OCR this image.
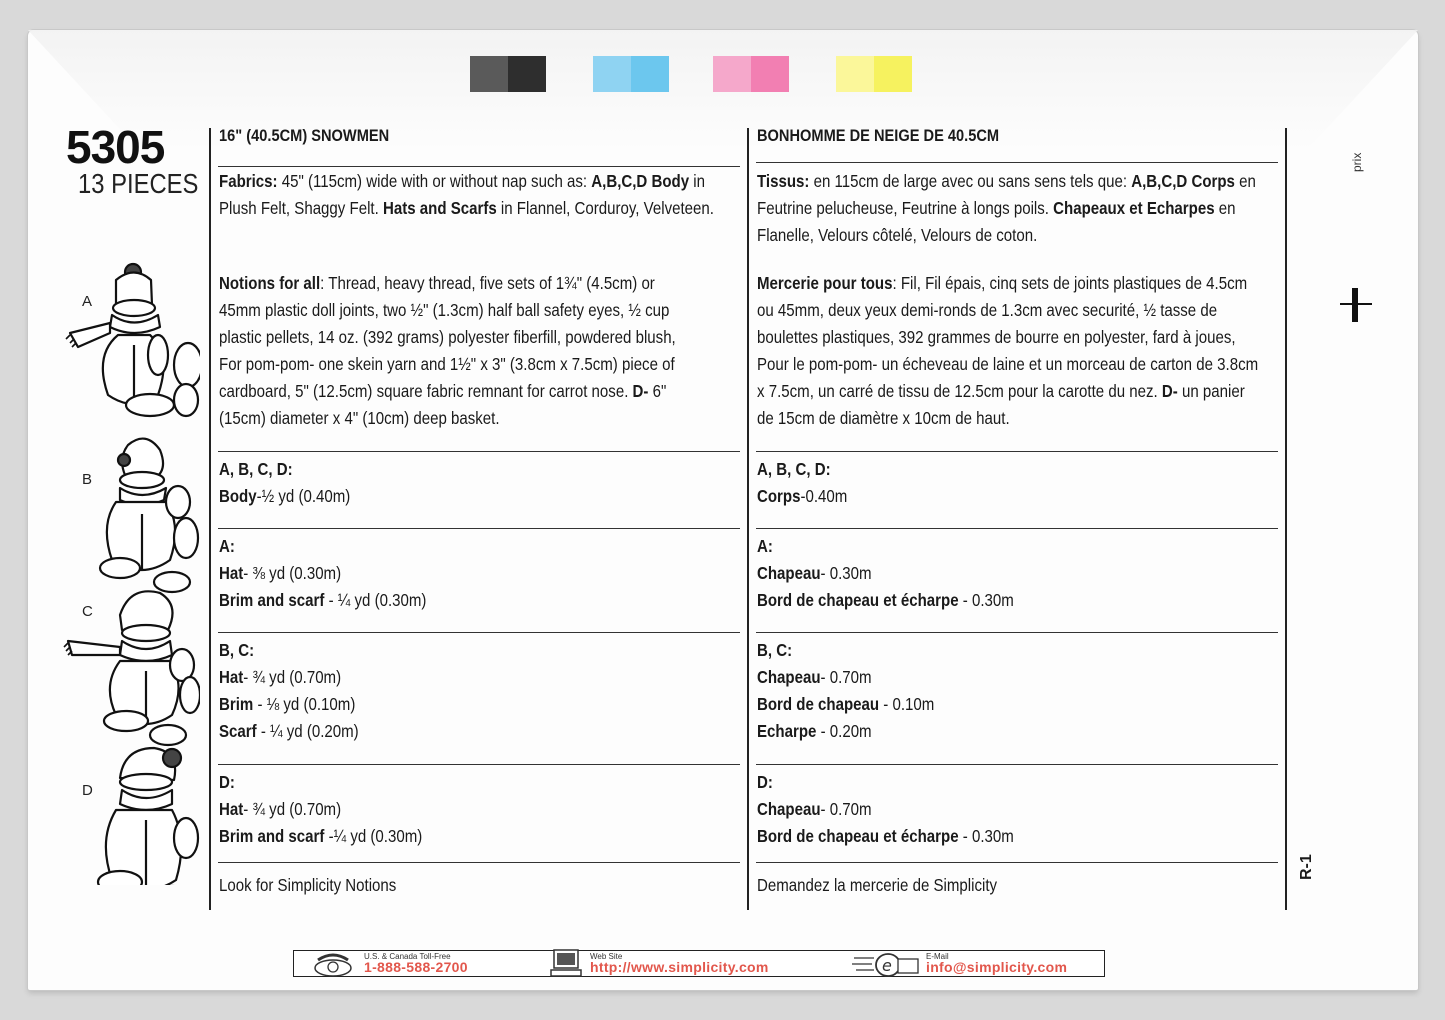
5305
13 PIECES
A
B
C
D
16" (40.5CM) SNOWMEN
Fabrics: 45" (115cm) wide with or without nap such as: A,B,C,D Body in
Plush Felt, Shaggy Felt. Hats and Scarfs in Flannel, Corduroy, Velveteen.
Notions for all: Thread, heavy thread, five sets of 1¾" (4.5cm) or
45mm plastic doll joints, two ½" (1.3cm) half ball safety eyes, ½ cup
plastic pellets, 14 oz. (392 grams) polyester fiberfill, powdered blush,
For pom-pom- one skein yarn and 1½" x 3" (3.8cm x 7.5cm) piece of
cardboard, 5" (12.5cm) square fabric remnant for carrot nose. D- 6"
(15cm) diameter x 4" (10cm) deep basket.
A, B, C, D:
Body-½ yd (0.40m)
A:
Hat- ⅜ yd (0.30m)
Brim and scarf - ¼ yd (0.30m)
B, C:
Hat- ¾ yd (0.70m)
Brim - ⅛ yd (0.10m)
Scarf - ¼ yd (0.20m)
D:
Hat- ¾ yd (0.70m)
Brim and scarf -¼ yd (0.30m)
Look for Simplicity Notions
BONHOMME DE NEIGE DE 40.5CM
Tissus: en 115cm de large avec ou sans sens tels que: A,B,C,D Corps en
Feutrine pelucheuse, Feutrine à longs poils. Chapeaux et Echarpes en
Flanelle, Velours côtelé, Velours de coton.
Mercerie pour tous: Fil, Fil épais, cinq sets de joints plastiques de 4.5cm
ou 45mm, deux yeux demi-ronds de 1.3cm avec securité, ½ tasse de
boulettes plastiques, 392 grammes de bourre en polyester, fard à joues,
Pour le pom-pom- un écheveau de laine et un morceau de carton de 3.8cm
x 7.5cm, un carré de tissu de 12.5cm pour la carotte du nez. D- un panier
de 15cm de diamètre x 10cm de haut.
A, B, C, D:
Corps-0.40m
A:
Chapeau- 0.30m
Bord de chapeau et écharpe - 0.30m
B, C:
Chapeau- 0.70m
Bord de chapeau - 0.10m
Echarpe - 0.20m
D:
Chapeau- 0.70m
Bord de chapeau et écharpe - 0.30m
Demandez la mercerie de Simplicity
prix
R-1
U.S. & Canada Toll-Free
1-888-588-2700
Web Site
http://www.simplicity.com	e	E-Mail
info@simplicity.com
